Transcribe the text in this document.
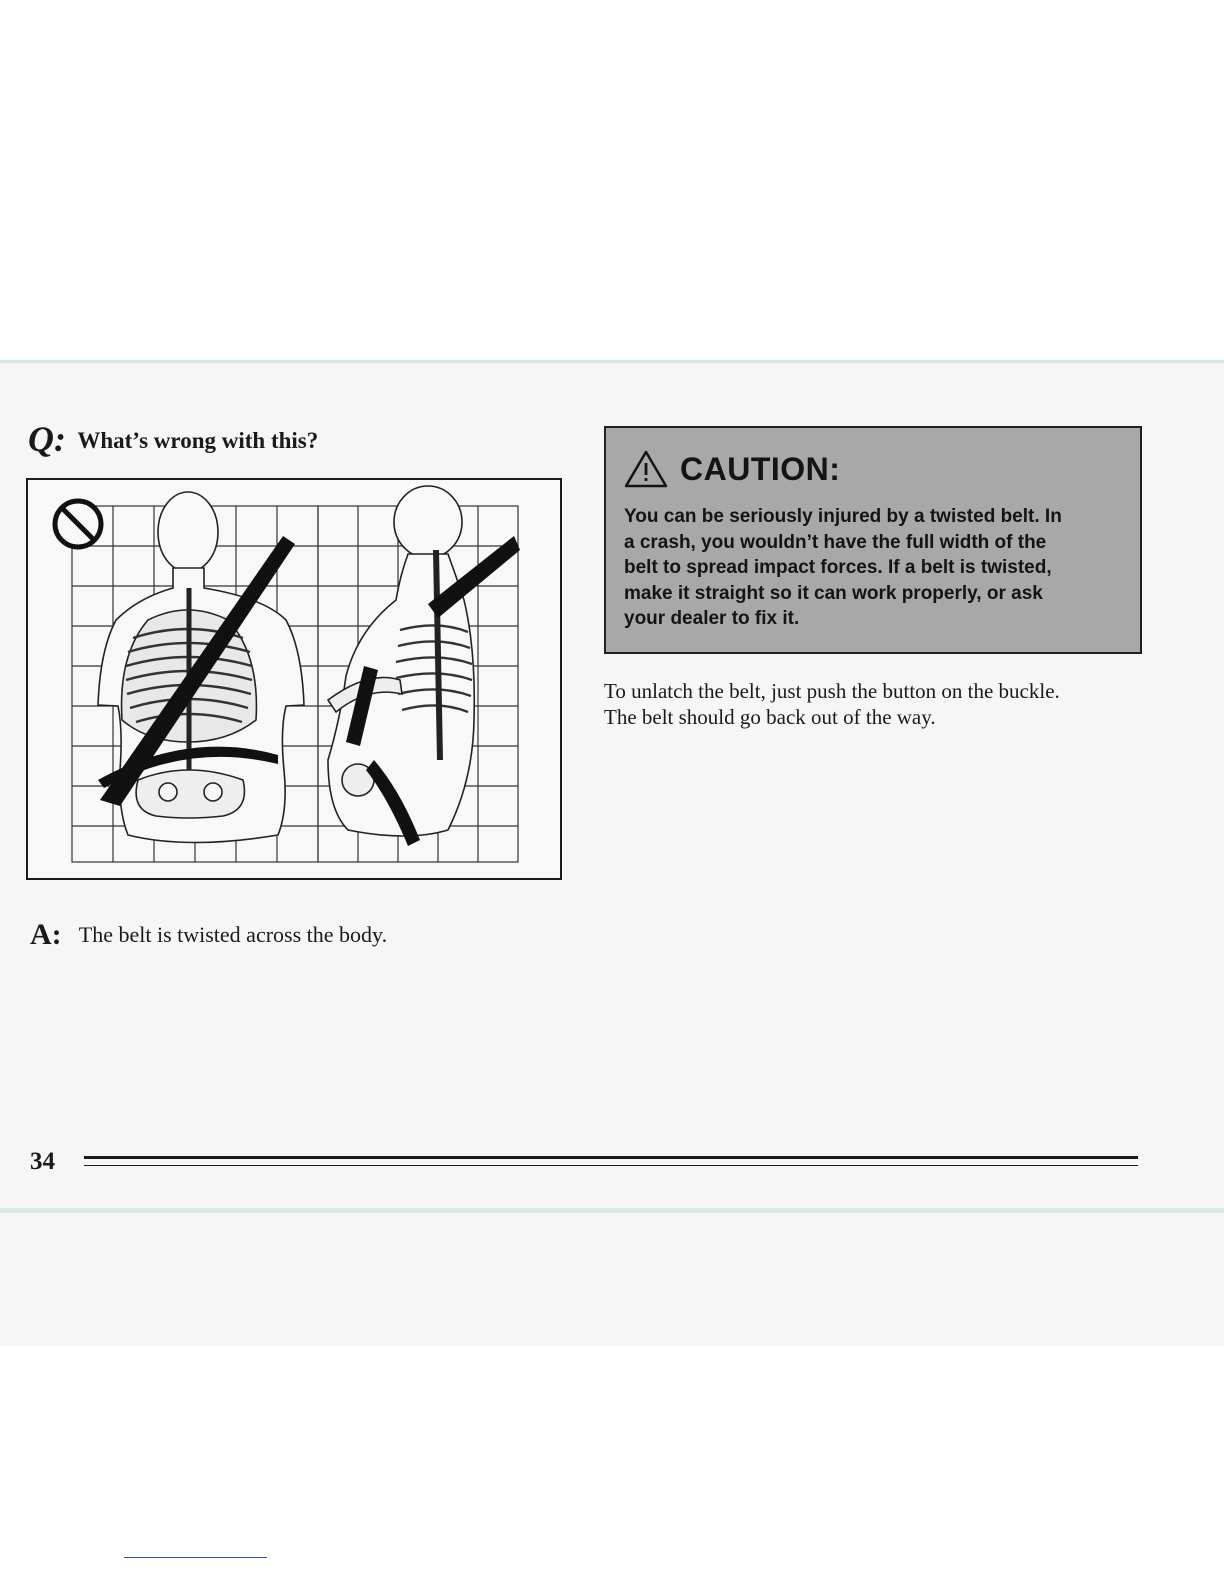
Q: What’s wrong with this?
A: The belt is twisted across the body.
CAUTION:
You can be seriously injured by a twisted belt. In
a crash, you wouldn’t have the full width of the
belt to spread impact forces. If a belt is twisted,
make it straight so it can work properly, or ask
your dealer to fix it.
To unlatch the belt, just push the button on the buckle.
The belt should go back out of the way.
34
